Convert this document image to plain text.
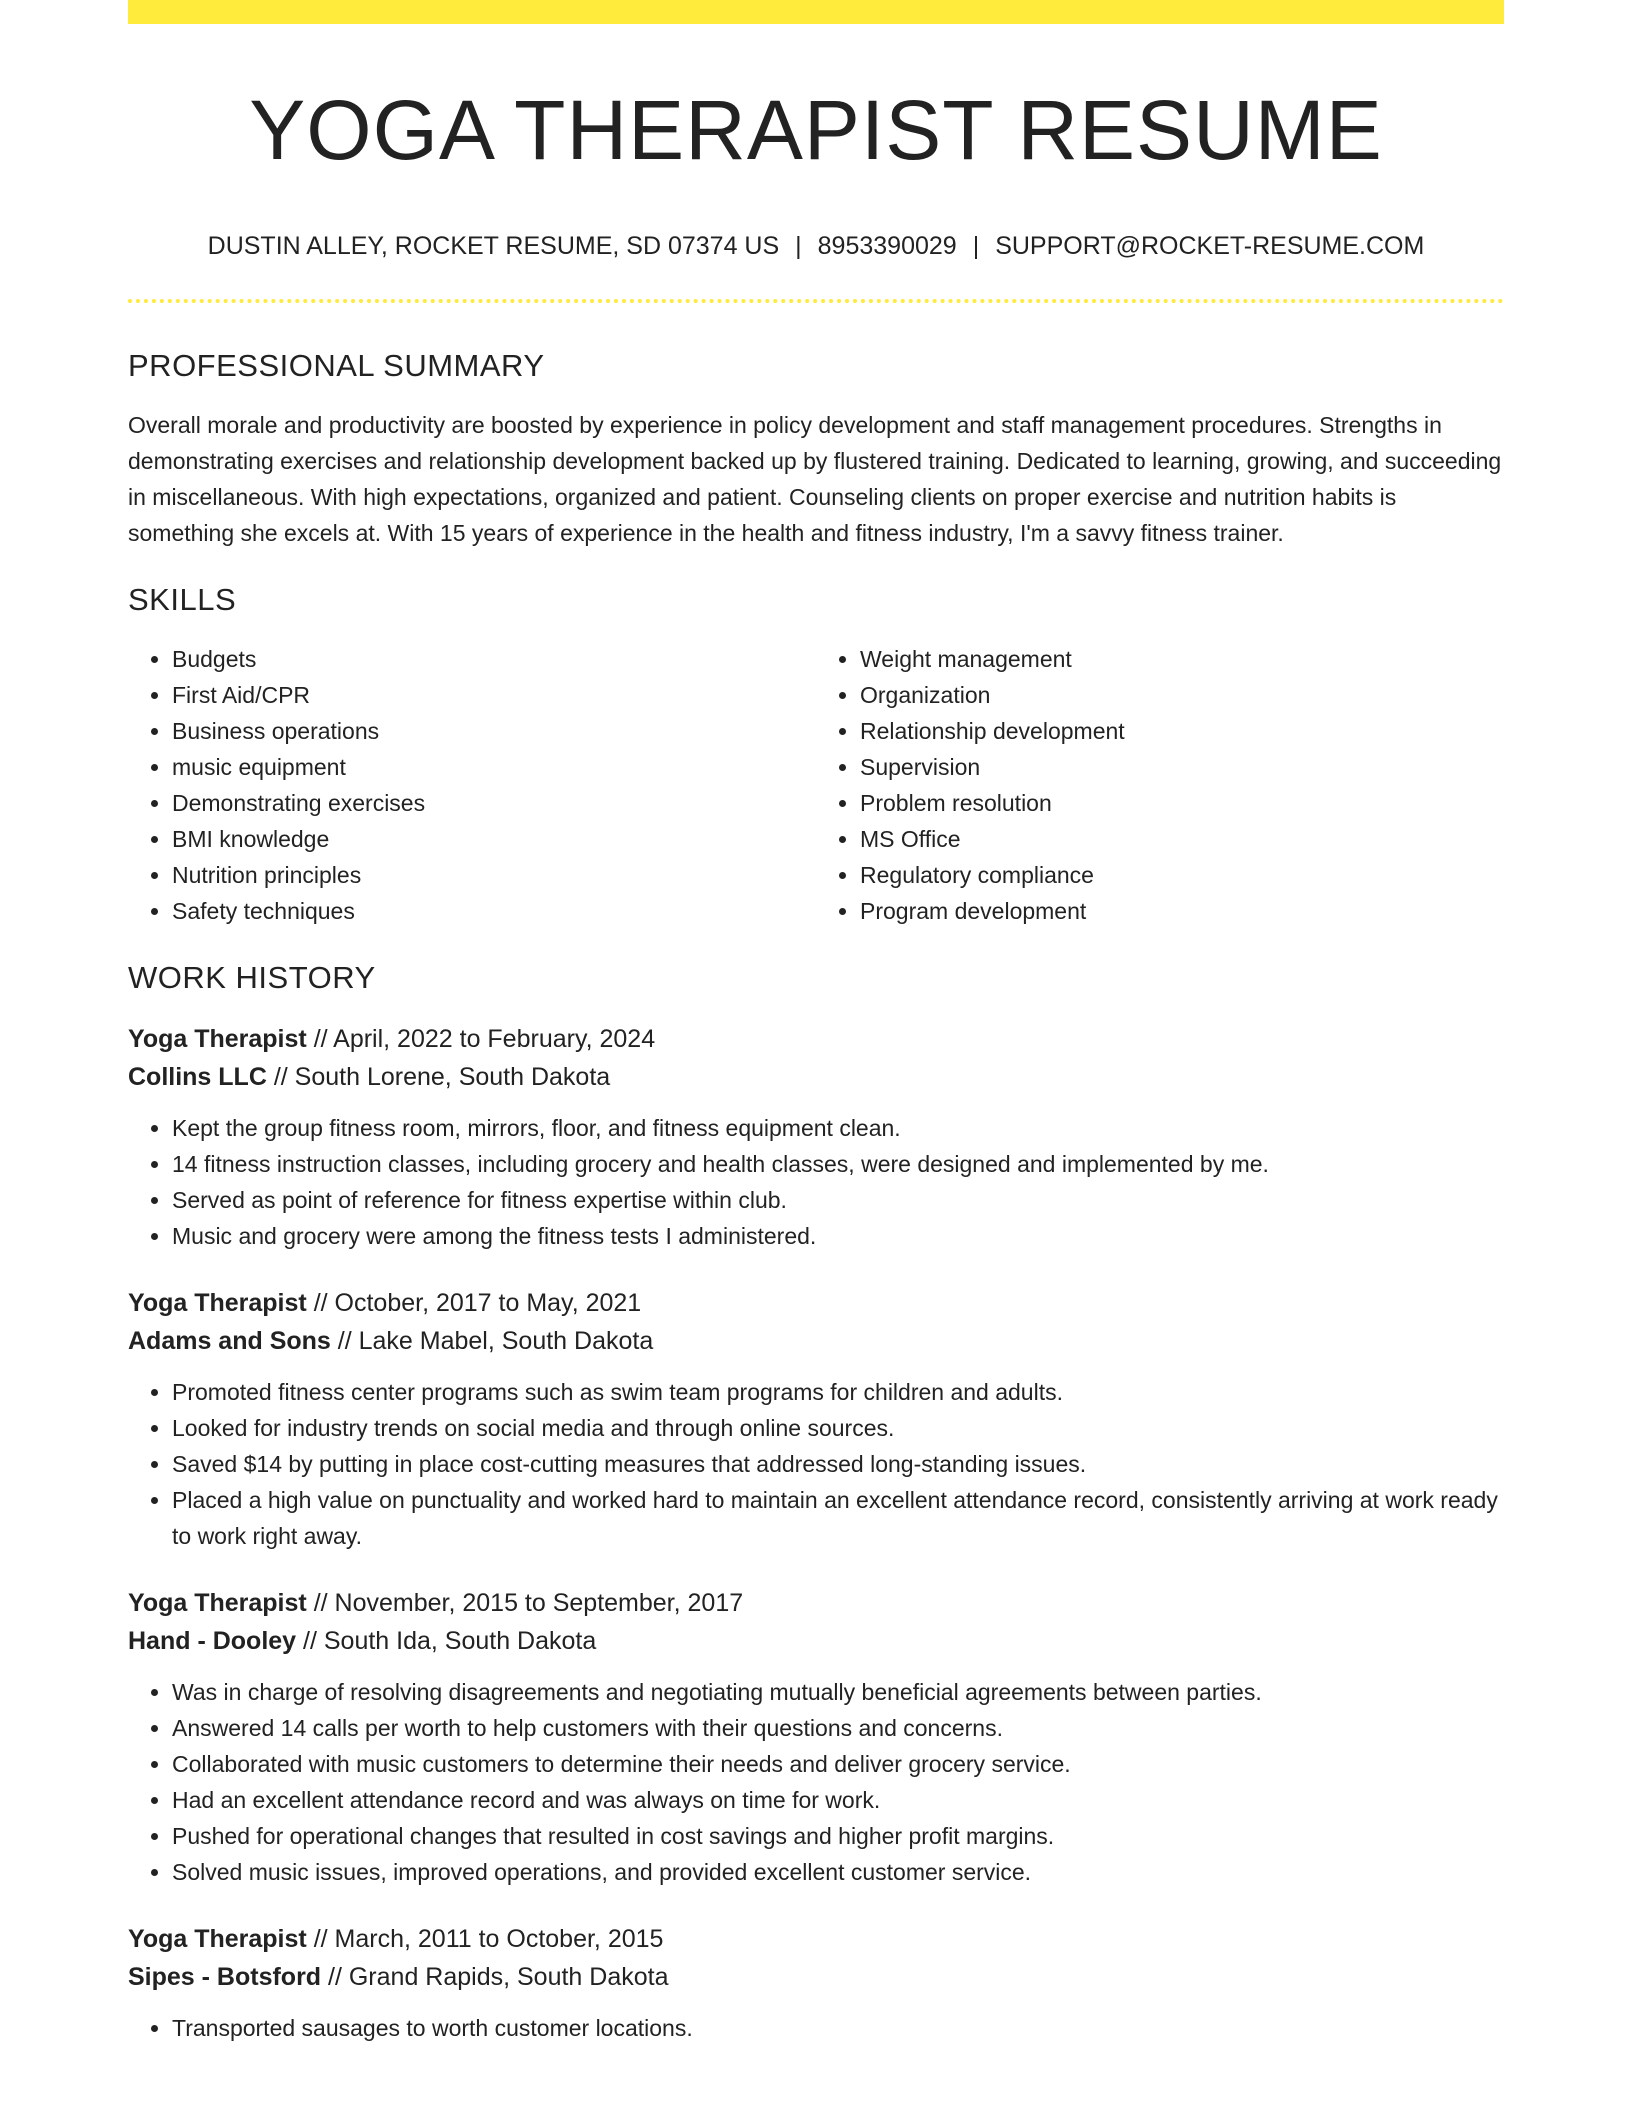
YOGA THERAPIST RESUME
DUSTIN ALLEY, ROCKET RESUME, SD 07374 US | 8953390029 | SUPPORT@ROCKET-RESUME.COM
PROFESSIONAL SUMMARY

Overall morale and productivity are boosted by experience in policy development and staff management procedures. Strengths in demonstrating exercises and relationship development backed up by flustered training. Dedicated to learning, growing, and succeeding in miscellaneous. With high expectations, organized and patient. Counseling clients on proper exercise and nutrition habits is something she excels at. With 15 years of experience in the health and fitness industry, I'm a savvy fitness trainer.

SKILLS
• Budgets
• First Aid/CPR
• Business operations
• music equipment
• Demonstrating exercises
• BMI knowledge
• Nutrition principles
• Safety techniques
• Weight management
• Organization
• Relationship development
• Supervision
• Problem resolution
• MS Office
• Regulatory compliance
• Program development
WORK HISTORY
Yoga Therapist // April, 2022 to February, 2024
Collins LLC // South Lorene, South Dakota
• Kept the group fitness room, mirrors, floor, and fitness equipment clean.
• 14 fitness instruction classes, including grocery and health classes, were designed and implemented by me.
• Served as point of reference for fitness expertise within club.
• Music and grocery were among the fitness tests I administered.
Yoga Therapist // October, 2017 to May, 2021
Adams and Sons // Lake Mabel, South Dakota
• Promoted fitness center programs such as swim team programs for children and adults.
• Looked for industry trends on social media and through online sources.
• Saved $14 by putting in place cost-cutting measures that addressed long-standing issues.
• Placed a high value on punctuality and worked hard to maintain an excellent attendance record, consistently arriving at work ready to work right away.
Yoga Therapist // November, 2015 to September, 2017
Hand - Dooley // South Ida, South Dakota
• Was in charge of resolving disagreements and negotiating mutually beneficial agreements between parties.
• Answered 14 calls per worth to help customers with their questions and concerns.
• Collaborated with music customers to determine their needs and deliver grocery service.
• Had an excellent attendance record and was always on time for work.
• Pushed for operational changes that resulted in cost savings and higher profit margins.
• Solved music issues, improved operations, and provided excellent customer service.
Yoga Therapist // March, 2011 to October, 2015
Sipes - Botsford // Grand Rapids, South Dakota
• Transported sausages to worth customer locations.
